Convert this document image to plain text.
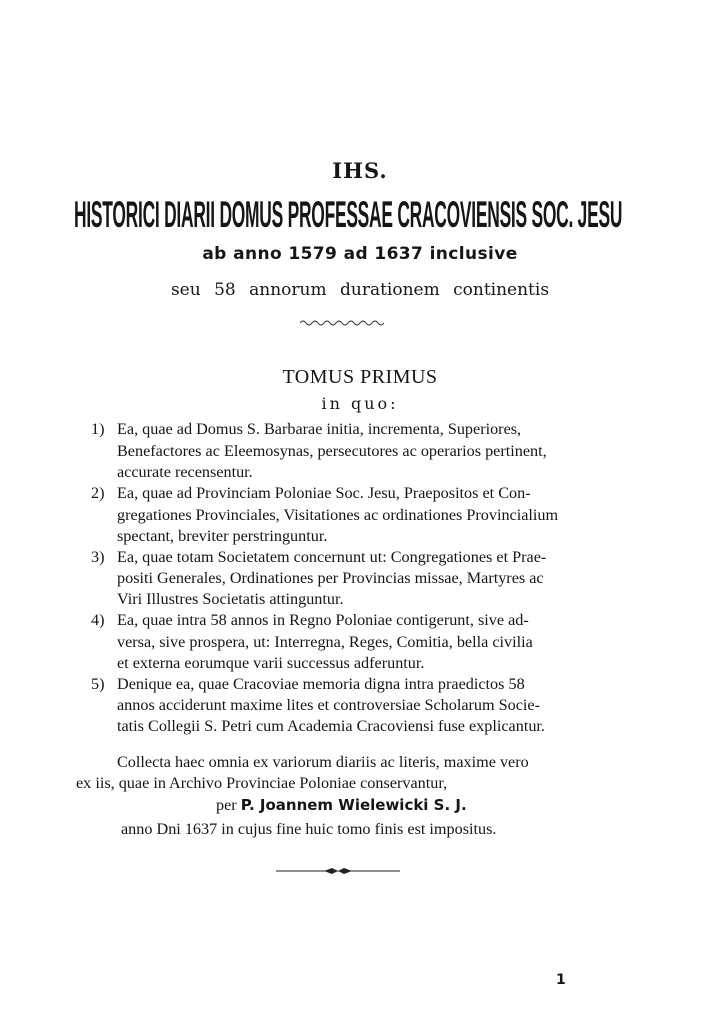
IHS.
HISTORICI DIARII DOMUS PROFESSAE CRACOVIENSIS SOC. JESU
ab anno 1579 ad 1637 inclusive
seu 58 annorum durationem continentis
TOMUS PRIMUS
in quo:
1) Ea, quae ad Domus S. Barbarae initia, incrementa, Superiores,
Benefactores ac Eleemosynas, persecutores ac operarios pertinent,
accurate recensentur.
2) Ea, quae ad Provinciam Poloniae Soc. Jesu, Praepositos et Con-
gregationes Provinciales, Visitationes ac ordinationes Provincialium
spectant, breviter perstringuntur.
3) Ea, quae totam Societatem concernunt ut: Congregationes et Prae-
positi Generales, Ordinationes per Provincias missae, Martyres ac
Viri Illustres Societatis attinguntur.
4) Ea, quae intra 58 annos in Regno Poloniae contigerunt, sive ad-
versa, sive prospera, ut: Interregna, Reges, Comitia, bella civilia
et externa eorumque varii successus adferuntur.
5) Denique ea, quae Cracoviae memoria digna intra praedictos 58
annos acciderunt maxime lites et controversiae Scholarum Socie-
tatis Collegii S. Petri cum Academia Cracoviensi fuse explicantur.
Collecta haec omnia ex variorum diariis ac literis, maxime vero
ex iis, quae in Archivo Provinciae Poloniae conservantur,
per P. Joannem Wielewicki S. J.
anno Dni 1637 in cujus fine huic tomo finis est impositus.
1
